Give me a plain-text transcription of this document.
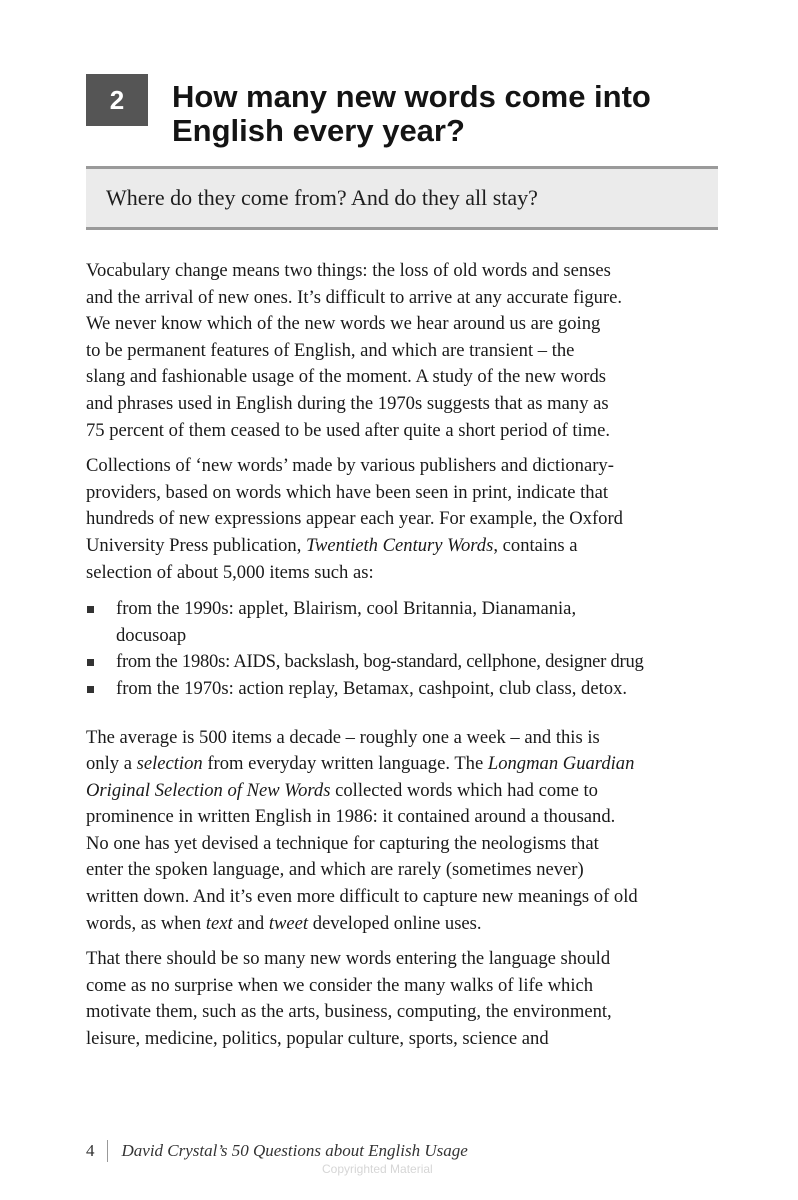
2	How many new words come into
English every year?
Where do they come from? And do they all stay?

Vocabulary change means two things: the loss of old words and senses
and the arrival of new ones. It’s difficult to arrive at any accurate figure.
We never know which of the new words we hear around us are going
to be permanent features of English, and which are transient – the
slang and fashionable usage of the moment. A study of the new words
and phrases used in English during the 1970s suggests that as many as
75 percent of them ceased to be used after quite a short period of time.

Collections of ‘new words’ made by various publishers and dictionary-
providers, based on words which have been seen in print, indicate that
hundreds of new expressions appear each year. For example, the Oxford
University Press publication, Twentieth Century Words, contains a
selection of about 5,000 items such as:

from the 1990s: applet, Blairism, cool Britannia, Dianamania,
docusoap
from the 1980s: AIDS, backslash, bog-standard, cellphone, designer drug
from the 1970s: action replay, Betamax, cashpoint, club class, detox.

The average is 500 items a decade – roughly one a week – and this is
only a selection from everyday written language. The Longman Guardian
Original Selection of New Words collected words which had come to
prominence in written English in 1986: it contained around a thousand.
No one has yet devised a technique for capturing the neologisms that
enter the spoken language, and which are rarely (sometimes never)
written down. And it’s even more difficult to capture new meanings of old
words, as when text and tweet developed online uses.

That there should be so many new words entering the language should
come as no surprise when we consider the many walks of life which
motivate them, such as the arts, business, computing, the environment,
leisure, medicine, politics, popular culture, sports, science and

4 David Crystal’s 50 Questions about English Usage
Copyrighted Material
